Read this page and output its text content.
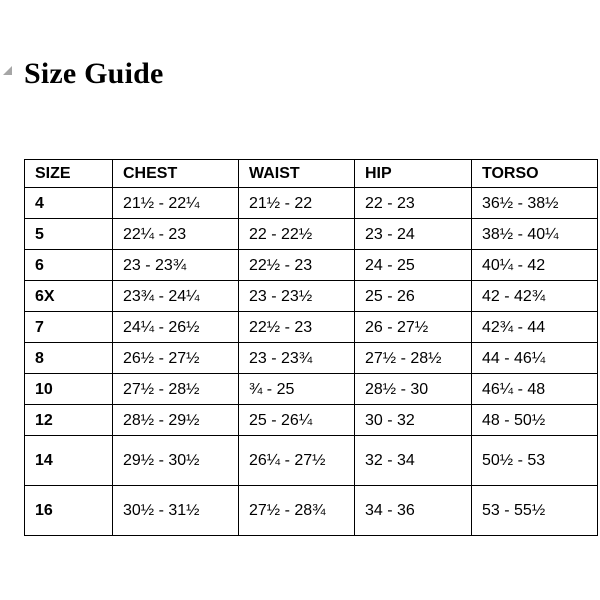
Size Guide
SIZE	CHEST	WAIST	HIP	TORSO
4	21½ - 22¼	21½ - 22	22 - 23	36½ - 38½
5	22¼ - 23	22 - 22½	23 - 24	38½ - 40¼
6	23 - 23¾	22½ - 23	24 - 25	40¼ - 42
6X	23¾ - 24¼	23 - 23½	25 - 26	42 - 42¾
7	24¼ - 26½	22½ - 23	26 - 27½	42¾ - 44
8	26½ - 27½	23 - 23¾	27½ - 28½	44 - 46¼
10	27½ - 28½	¾ - 25	28½ - 30	46¼ - 48
12	28½ - 29½	25 - 26¼	30 - 32	48 - 50½
14	29½ - 30½	26¼ - 27½	32 - 34	50½ - 53
16	30½ - 31½	27½ - 28¾	34 - 36	53 - 55½
